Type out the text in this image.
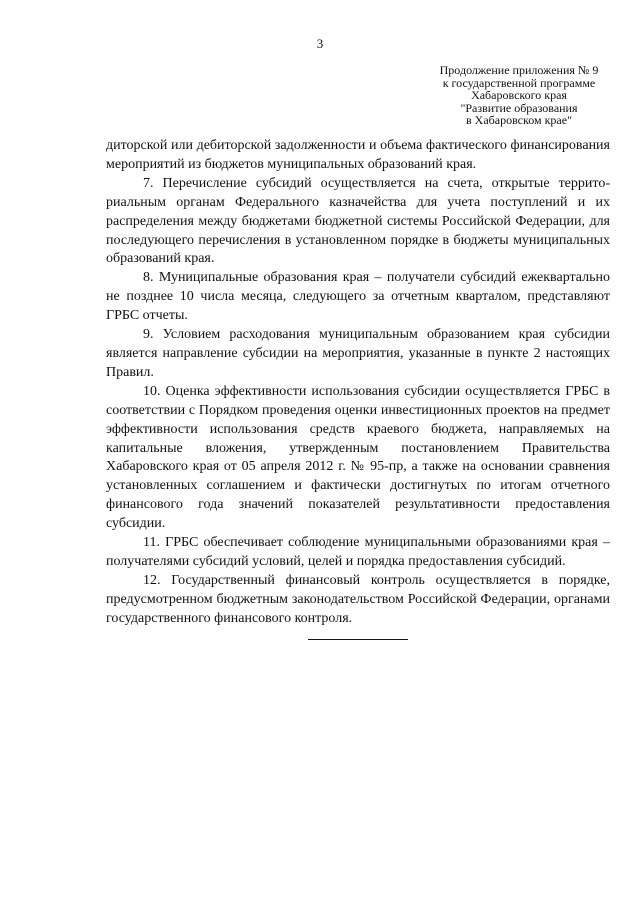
3
Продолжение приложения № 9
к государственной программе
Хабаровского края
"Развитие образования
в Хабаровском крае"

диторской или дебиторской задолженности и объема фактического финансирования мероприятий из бюджетов муниципальных образований края.

7. Перечисление субсидий осуществляется на счета, открытые территориальным органам Федерального казначейства для учета поступлений и их распределения между бюджетами бюджетной системы Российской Федерации, для последующего перечисления в установленном порядке в бюджеты муниципальных образований края.

8. Муниципальные образования края – получатели субсидий ежеквартально не позднее 10 числа месяца, следующего за отчетным кварталом, представляют ГРБС отчеты.

9. Условием расходования муниципальным образованием края субсидии является направление субсидии на мероприятия, указанные в пункте 2 настоящих Правил.

10. Оценка эффективности использования субсидии осуществляется ГРБС в соответствии с Порядком проведения оценки инвестиционных проектов на предмет эффективности использования средств краевого бюджета, направляемых на капитальные вложения, утвержденным постановлением Правительства Хабаровского края от 05 апреля 2012 г. № 95-пр, а также на основании сравнения установленных соглашением и фактически достигнутых по итогам отчетного финансового года значений показателей результативности предоставления субсидии.

11. ГРБС обеспечивает соблюдение муниципальными образованиями края – получателями субсидий условий, целей и порядка предоставления субсидий.

12. Государственный финансовый контроль осуществляется в порядке, предусмотренном бюджетным законодательством Российской Федерации, органами государственного финансового контроля.
